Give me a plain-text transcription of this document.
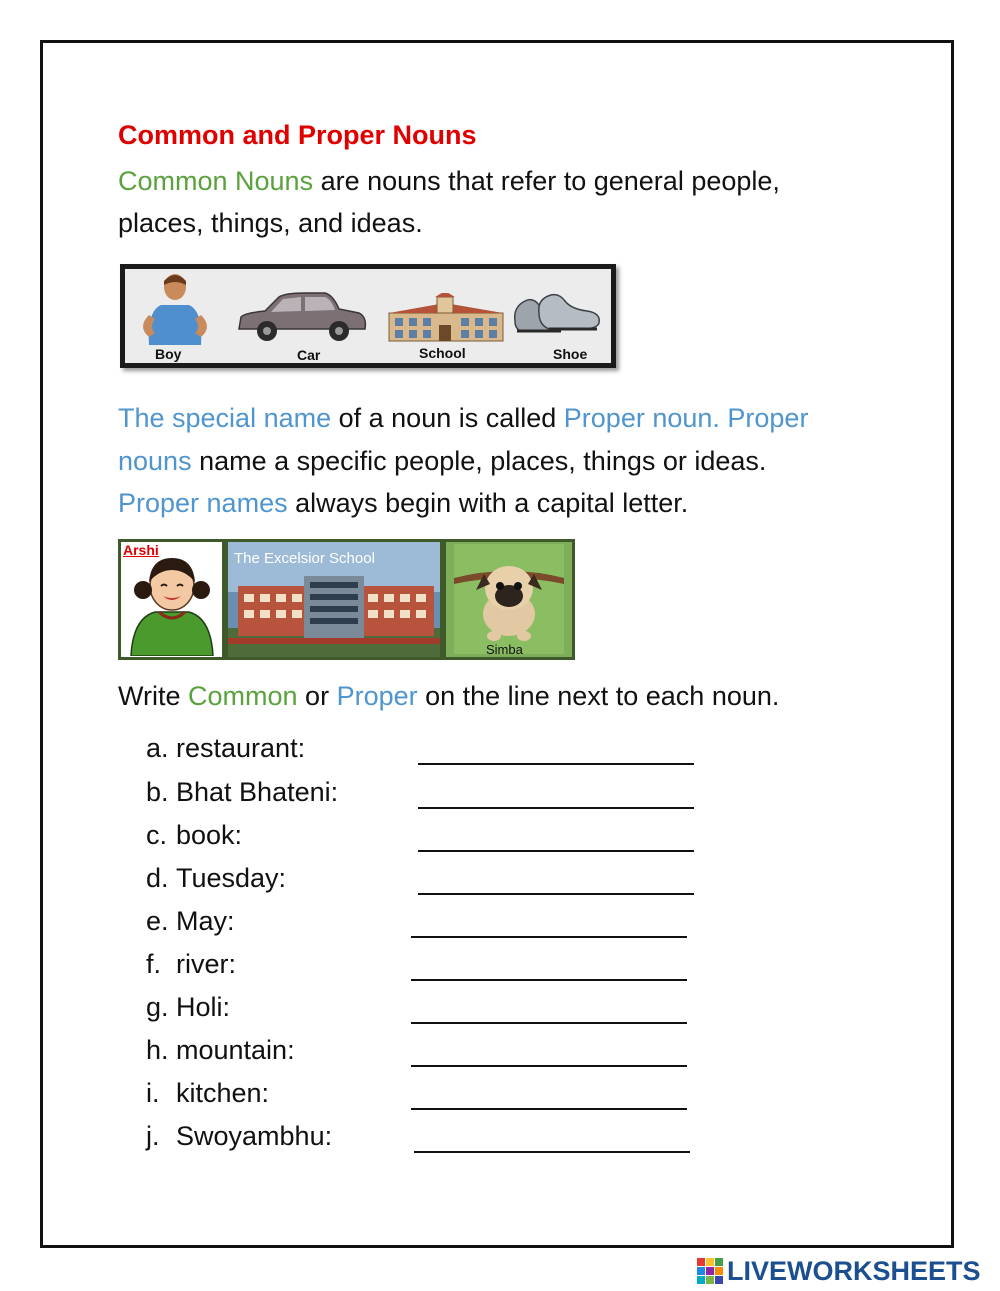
Common and Proper Nouns
Common Nouns are nouns that refer to general people,
places, things, and ideas.
Boy	Car	School	Shoe
The special name of a noun is called Proper noun. Proper
nouns name a specific people, places, things or ideas.
Proper names always begin with a capital letter.
Arshi	The Excelsior School
Simba
Write Common or Proper on the line next to each noun.
a. restaurant:
b. Bhat Bhateni:
c. book:
d. Tuesday:
e. May:
f. river:
g. Holi:
h. mountain:
i. kitchen:
j. Swoyambhu:
LIVEWORKSHEETS
